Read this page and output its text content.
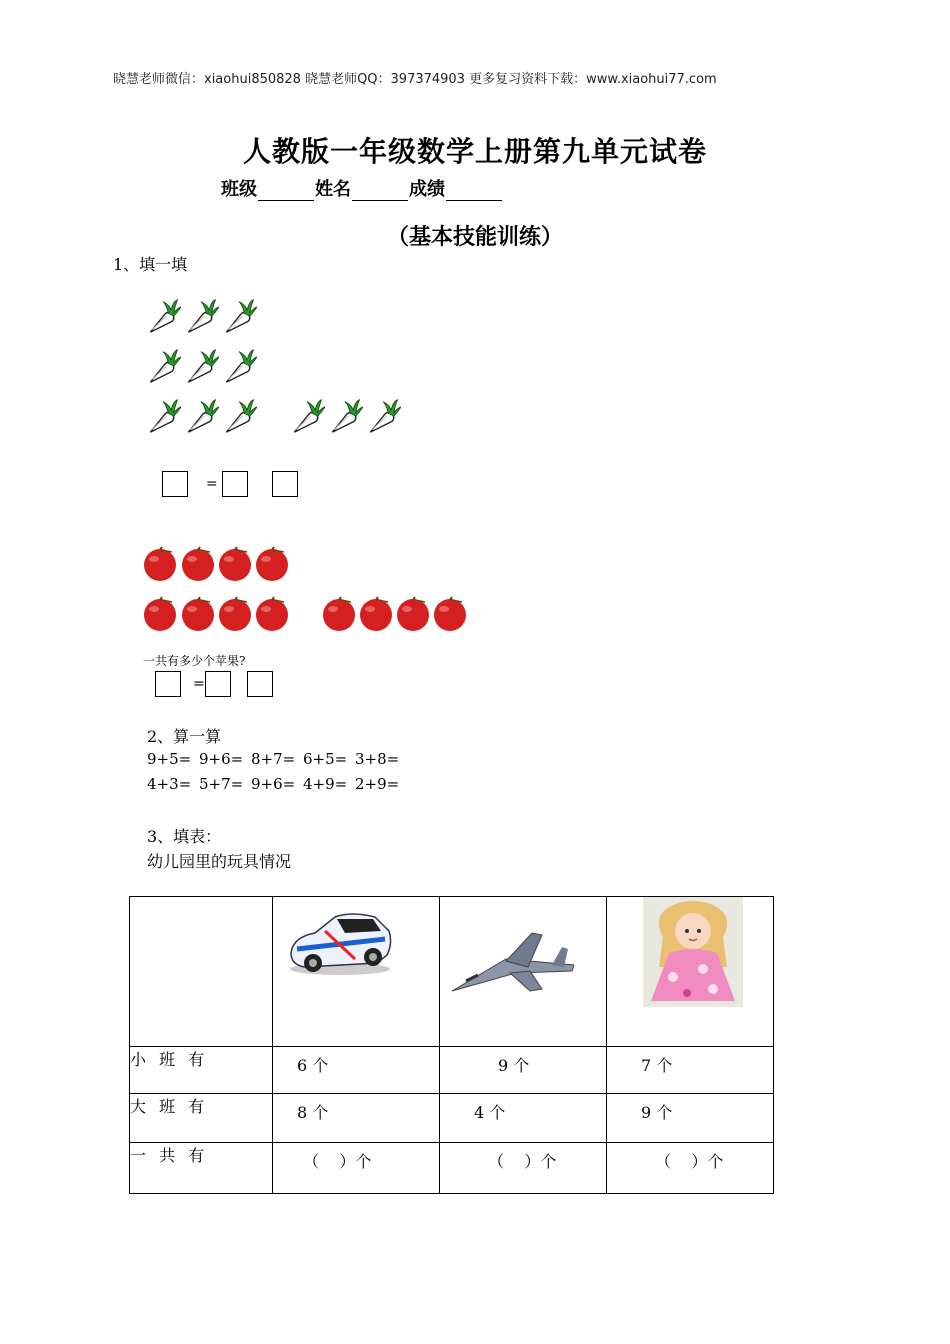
晓慧老师微信：xiaohui850828 晓慧老师QQ：397374903 更多复习资料下载：www.xiaohui77.com
人教版一年级数学上册第九单元试卷
班级	姓名	成绩
（基本技能训练）
1、填一填
=
一共有多少个苹果?
=
2、算一算
9+5= 9+6= 8+7= 6+5= 3+8=
4+3= 5+7= 9+6= 4+9= 2+9=
3、填表：
幼儿园里的玩具情况

小 班 有	6 个	9 个	7 个
大 班 有	8 个	4 个	9 个
一 共 有	（    ）个	（    ）个	（    ）个
